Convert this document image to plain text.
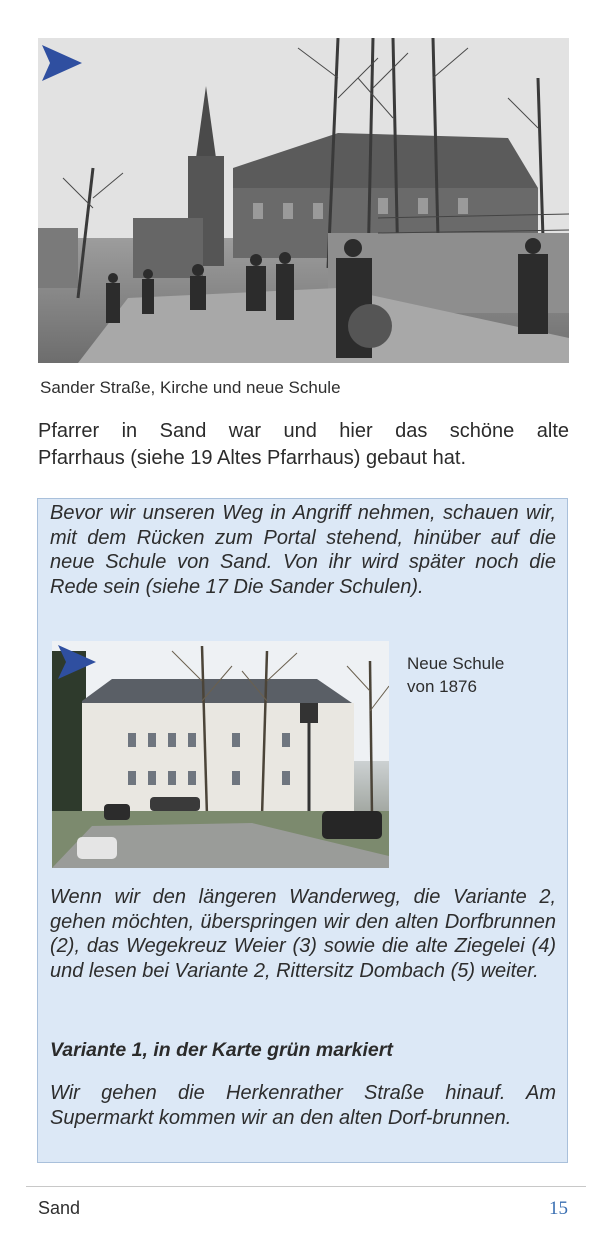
Sander Straße, Kirche und neue Schule

Pfarrer in Sand war und hier das schöne alte

Pfarrhaus (siehe 19 Altes Pfarrhaus) gebaut hat.

Bevor wir unseren Weg in Angriff nehmen, schauen wir, mit dem Rücken zum Portal stehend, hinüber auf die neue Schule von Sand. Von ihr wird später noch die Rede sein (siehe 17 Die Sander Schulen).

Neue Schule
von 1876

Wenn wir den längeren Wanderweg, die Variante 2, gehen möchten, überspringen wir den alten Dorfbrunnen (2), das Wegekreuz Weier (3) sowie die alte Ziegelei (4) und lesen bei Variante 2, Rittersitz Dombach (5) weiter.

Variante 1, in der Karte grün markiert

Wir gehen die Herkenrather Straße hinauf. Am Supermarkt kommen wir an den alten Dorf-brunnen.

Sand	15
